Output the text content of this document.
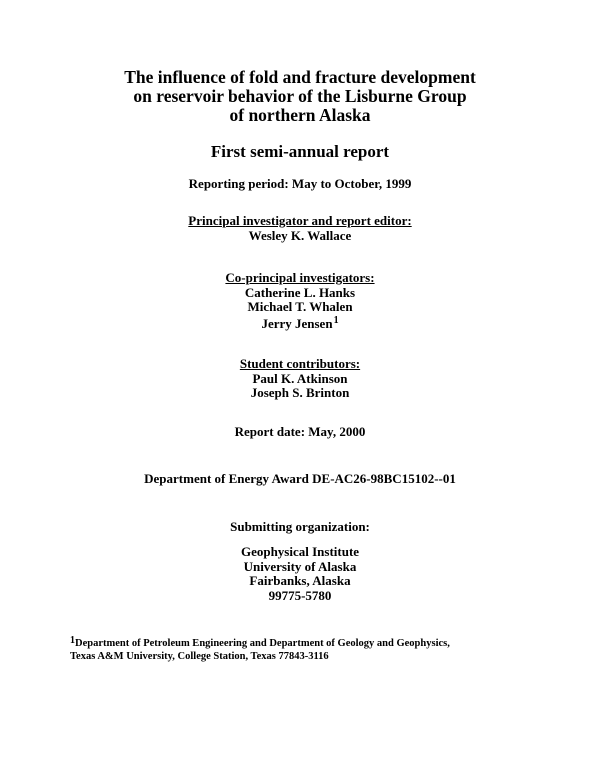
The influence of fold and fracture development
on reservoir behavior of the Lisburne Group
of northern Alaska
First semi-annual report
Reporting period: May to October, 1999
Principal investigator and report editor:
Wesley K. Wallace
Co-principal investigators:
Catherine L. Hanks
Michael T. Whalen
Jerry Jensen$^1$
Student contributors:
Paul K. Atkinson
Joseph S. Brinton
Report date: May, 2000
Department of Energy Award DE-AC26-98BC15102--01
Submitting organization:
Geophysical Institute
University of Alaska
Fairbanks, Alaska
99775-5780
1Department of Petroleum Engineering and Department of Geology and Geophysics,
Texas A&M University, College Station, Texas 77843-3116
